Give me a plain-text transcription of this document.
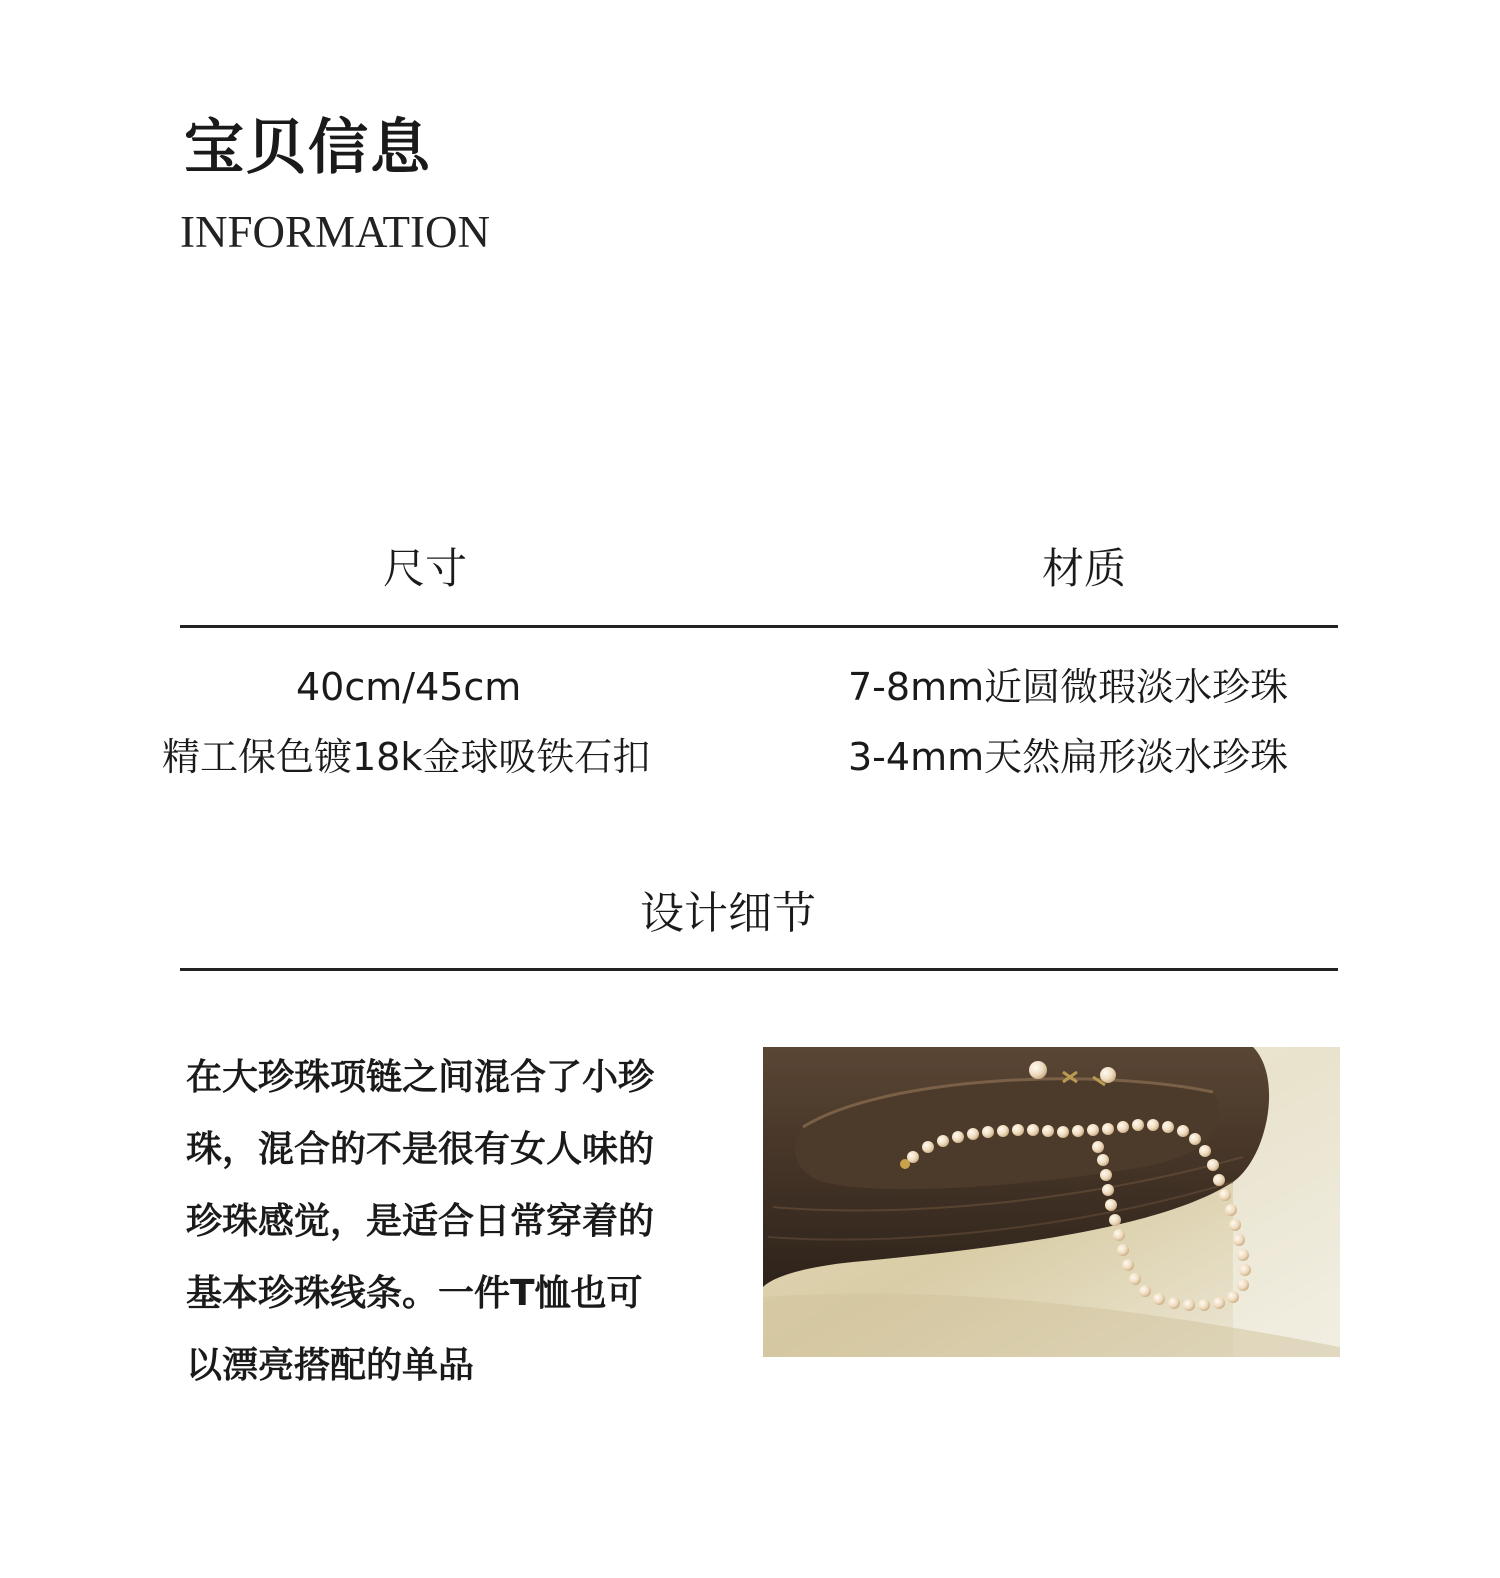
宝贝信息
INFORMATION
尺寸	材质
40cm/45cm
精工保色镀18k金球吸铁石扣
7-8mm近圆微瑕淡水珍珠
3-4mm天然扁形淡水珍珠
设计细节
在大珍珠项链之间混合了小珍
珠，混合的不是很有女人味的
珍珠感觉，是适合日常穿着的
基本珍珠线条。一件T恤也可
以漂亮搭配的单品
